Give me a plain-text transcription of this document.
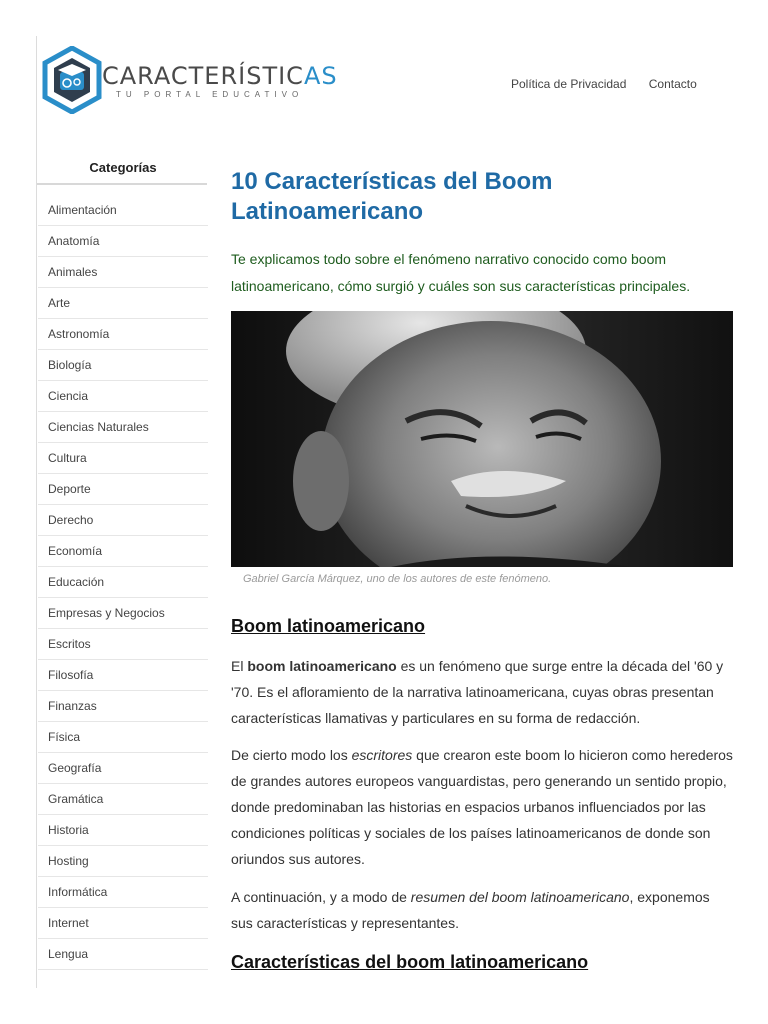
CARACTERÍSTICAS
TU PORTAL EDUCATIVO
Política de Privacidad Contacto
Categorías
Alimentación
Anatomía
Animales
Arte
Astronomía
Biología
Ciencia
Ciencias Naturales
Cultura
Deporte
Derecho
Economía
Educación
Empresas y Negocios
Escritos
Filosofía
Finanzas
Física
Geografía
Gramática
Historia
Hosting
Informática
Internet
Lengua
10 Características del Boom Latinoamericano
Te explicamos todo sobre el fenómeno narrativo conocido como boom
latinoamericano, cómo surgió y cuáles son sus características principales.
Gabriel García Márquez, uno de los autores de este fenómeno.
Boom latinoamericano
El boom latinoamericano es un fenómeno que surge entre la década del '60 y
'70. Es el afloramiento de la narrativa latinoamericana, cuyas obras presentan
características llamativas y particulares en su forma de redacción.
De cierto modo los escritores que crearon este boom lo hicieron como herederos
de grandes autores europeos vanguardistas, pero generando un sentido propio,
donde predominaban las historias en espacios urbanos influenciados por las
condiciones políticas y sociales de los países latinoamericanos de donde son
oriundos sus autores.
A continuación, y a modo de resumen del boom latinoamericano, exponemos
sus características y representantes.
Características del boom latinoamericano
